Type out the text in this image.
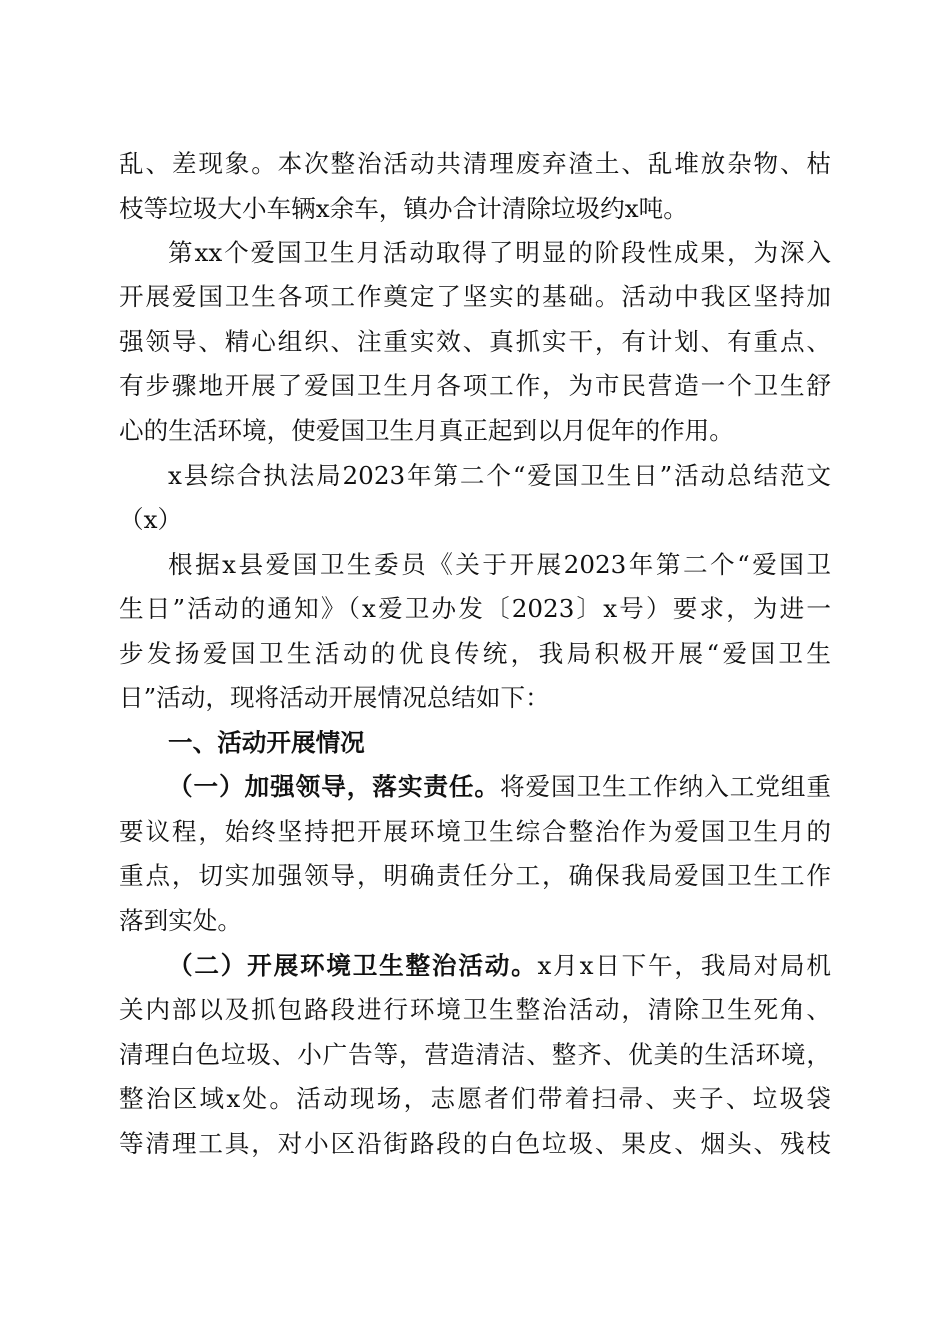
乱、差现象。本次整治活动共清理废弃渣土、乱堆放杂物、枯
枝等垃圾大小车辆x余车，镇办合计清除垃圾约x吨。
第xx个爱国卫生月活动取得了明显的阶段性成果，为深入
开展爱国卫生各项工作奠定了坚实的基础。活动中我区坚持加
强领导、精心组织、注重实效、真抓实干，有计划、有重点、
有步骤地开展了爱国卫生月各项工作，为市民营造一个卫生舒
心的生活环境，使爱国卫生月真正起到以月促年的作用。
x县综合执法局2023年第二个“爱国卫生日”活动总结范文
（x）
根据x县爱国卫生委员《关于开展2023年第二个“爱国卫
生日”活动的通知》（x爱卫办发〔2023〕x号）要求，为进一
步发扬爱国卫生活动的优良传统，我局积极开展“爱国卫生
日”活动，现将活动开展情况总结如下：
一、活动开展情况
（一）加强领导，落实责任。将爱国卫生工作纳入工党组重
要议程，始终坚持把开展环境卫生综合整治作为爱国卫生月的
重点，切实加强领导，明确责任分工，确保我局爱国卫生工作
落到实处。
（二）开展环境卫生整治活动。x月x日下午，我局对局机
关内部以及抓包路段进行环境卫生整治活动，清除卫生死角、
清理白色垃圾、小广告等，营造清洁、整齐、优美的生活环境，
整治区域x处。活动现场，志愿者们带着扫帚、夹子、垃圾袋
等清理工具，对小区沿街路段的白色垃圾、果皮、烟头、残枝
